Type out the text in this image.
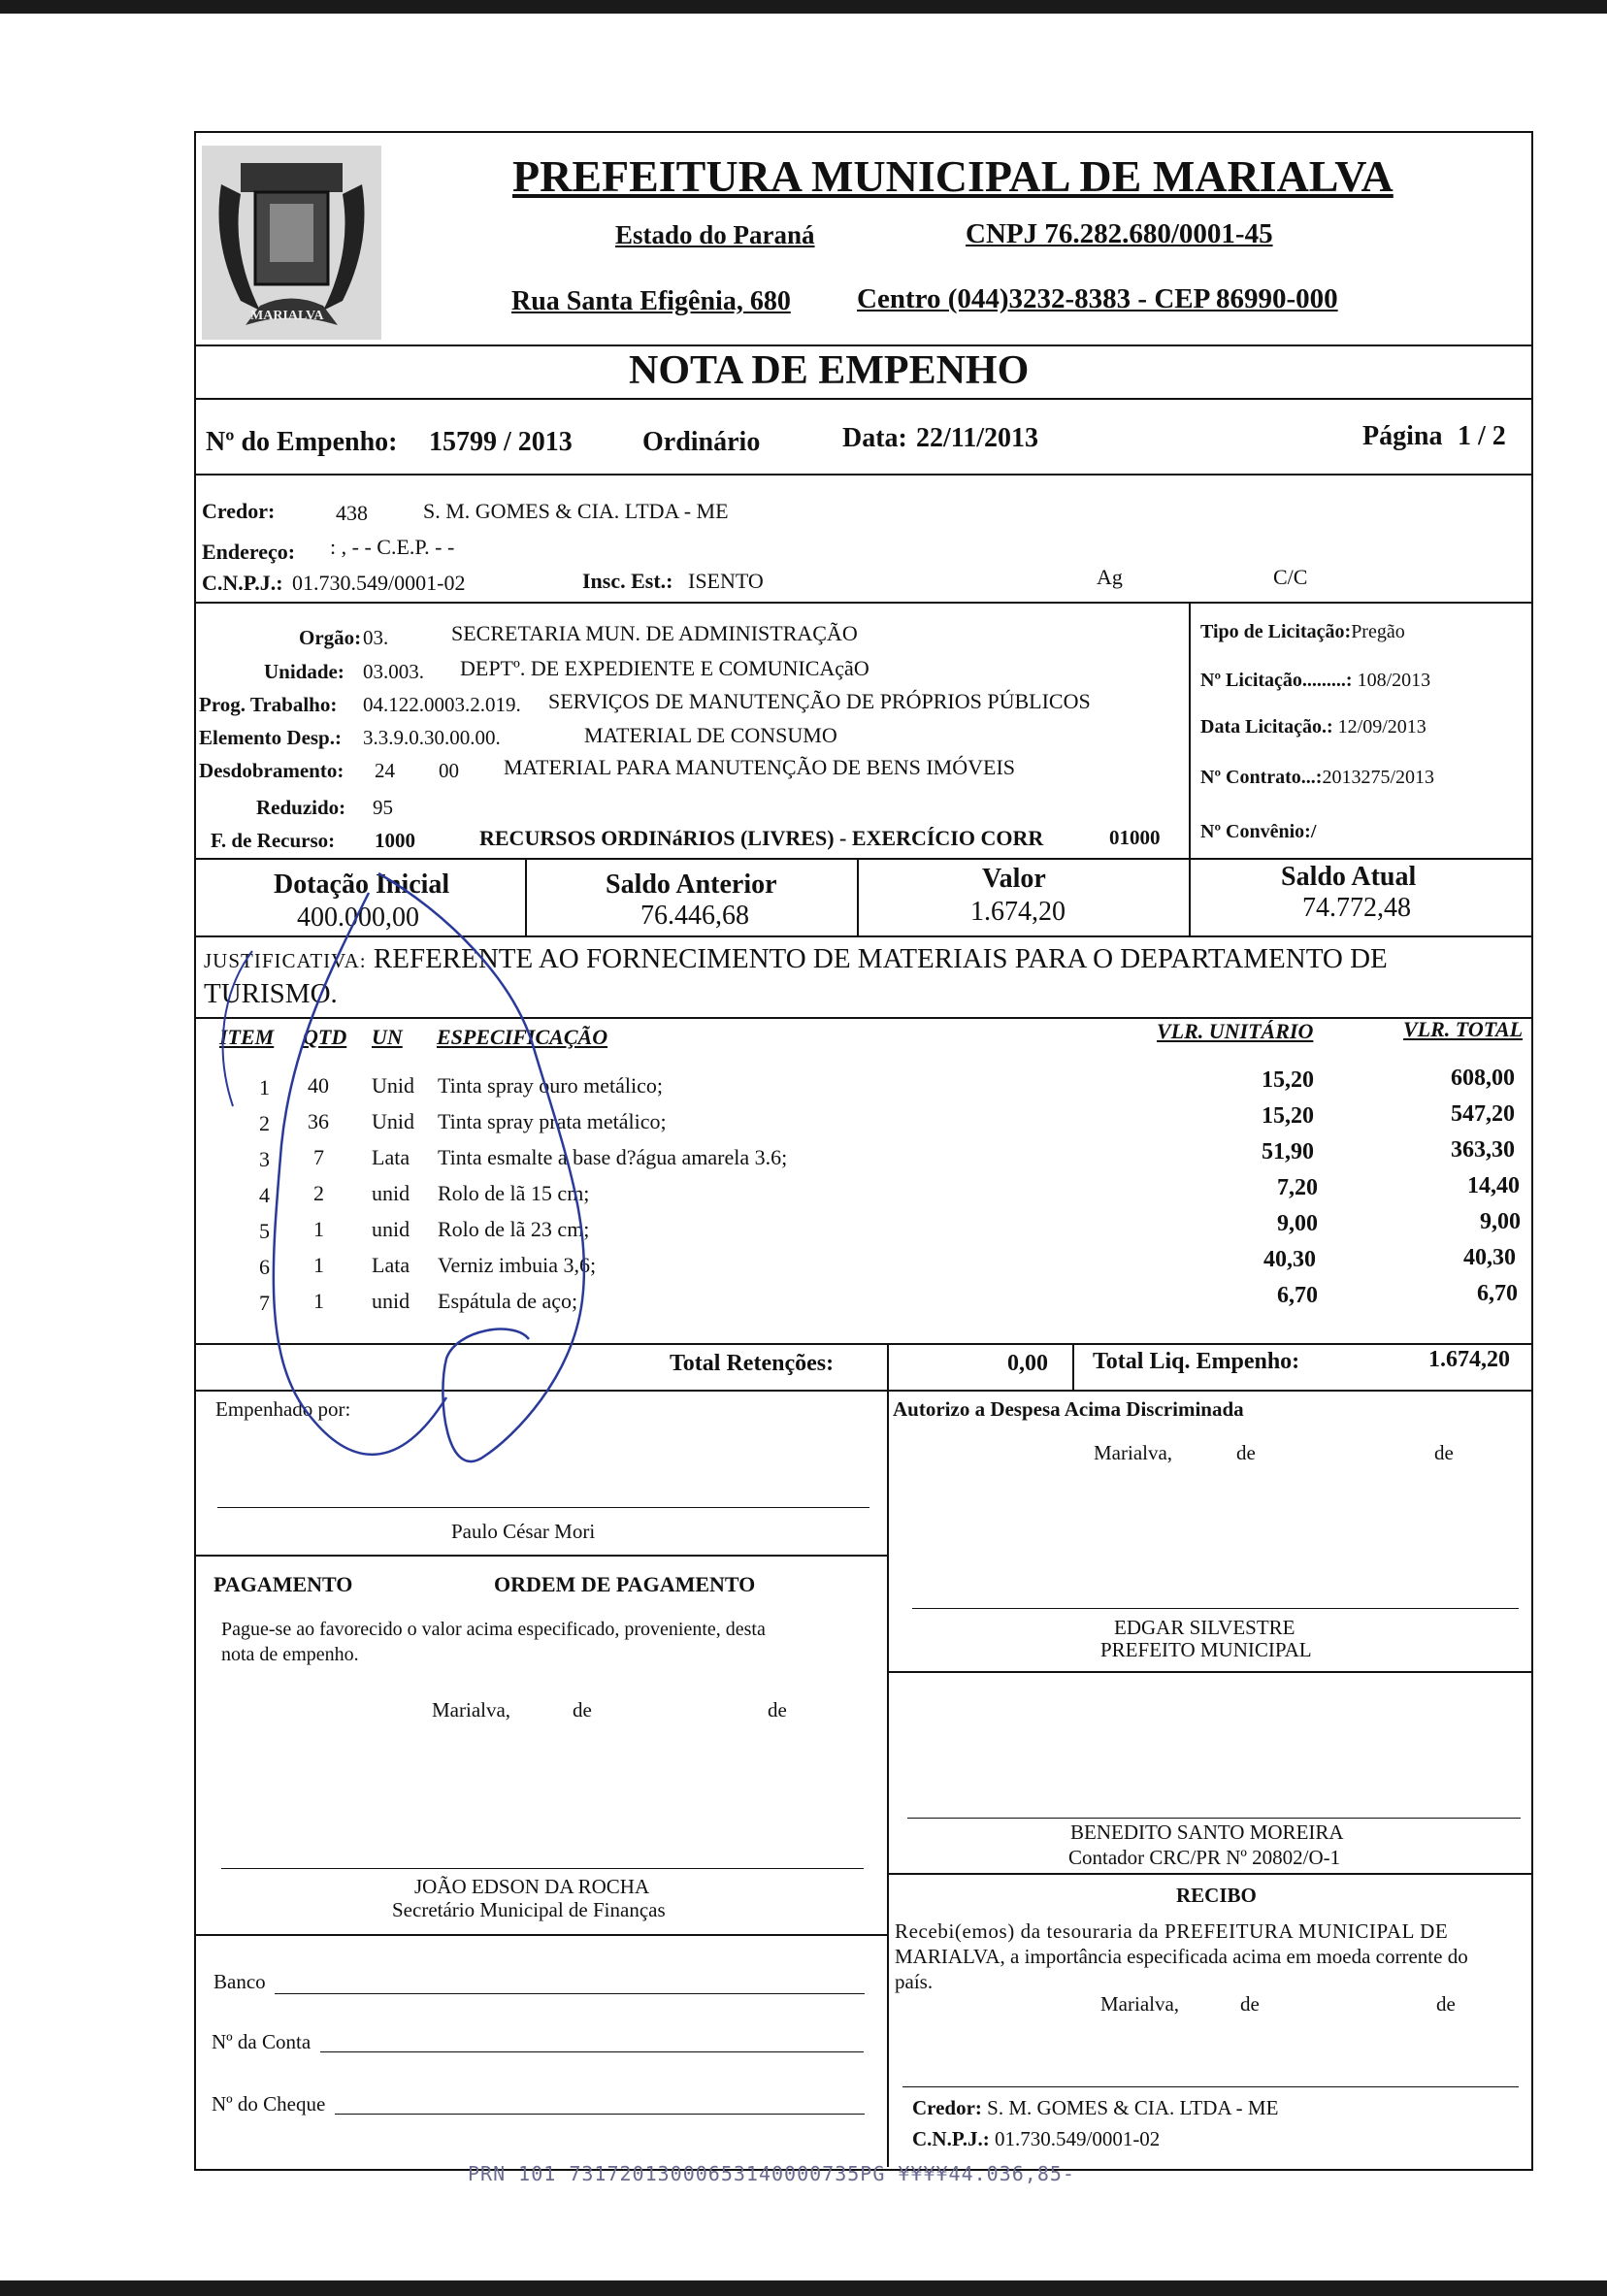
MARIALVA
PREFEITURA MUNICIPAL DE MARIALVA
Estado do Paraná	CNPJ 76.282.680/0001-45
Rua Santa Efigênia, 680 Centro (044)3232-8383 - CEP 86990-000
NOTA DE EMPENHO
Nº do Empenho: 15799 / 2013	Ordinário	Data: 22/11/2013	Página 1 / 2
Credor:	438	S. M. GOMES & CIA. LTDA - ME
Endereço: : , - - C.E.P. - -
C.N.P.J.: 01.730.549/0001-02	Insc. Est.: ISENTO	Ag	C/C
Orgão: 03.	SECRETARIA MUN. DE ADMINISTRAÇÃO
Unidade: 03.003. DEPTº. DE EXPEDIENTE E COMUNICAçãO
Prog. Trabalho: 04.122.0003.2.019. SERVIÇOS DE MANUTENÇÃO DE PRÓPRIOS PÚBLICOS
Elemento Desp.: 3.3.9.0.30.00.00.	MATERIAL DE CONSUMO
Desdobramento: 24 00 MATERIAL PARA MANUTENÇÃO DE BENS IMÓVEIS
Reduzido: 95
F. de Recurso: 1000	RECURSOS ORDINáRIOS (LIVRES) - EXERCÍCIO CORR	01000
Tipo de Licitação:Pregão
Nº Licitação.........: 108/2013
Data Licitação.: 12/09/2013
Nº Contrato...:2013275/2013
Nº Convênio:/
Dotação Inicial
400.000,00
Saldo Anterior
76.446,68
Valor
1.674,20
Saldo Atual
74.772,48
JUSTIFICATIVA: REFERENTE AO FORNECIMENTO DE MATERIAIS PARA O DEPARTAMENTO DE
TURISMO.
ITEM QTD UN ESPECIFICAÇÃO	VLR. UNITÁRIO	VLR. TOTAL
1 40 Unid Tinta spray ouro metálico;	15,20	608,00
2 36 Unid Tinta spray prata metálico;	15,20	547,20
3 7 Lata Tinta esmalte a base d?água amarela 3.6;	51,90	363,30
4 2 unid Rolo de lã 15 cm;	7,20	14,40
5 1 unid Rolo de lã 23 cm;	9,00	9,00
6 1 Lata Verniz imbuia 3,6;	40,30	40,30
7 1 unid Espátula de aço;	6,70	6,70
Total Retenções:	0,00 Total Liq. Empenho:	1.674,20
Empenhado por:
Paulo César Mori
Autorizo a Despesa Acima Discriminada
Marialva,	de	de
PAGAMENTO	ORDEM DE PAGAMENTO
Pague-se ao favorecido o valor acima especificado, proveniente, desta
nota de empenho.
Marialva,	de	de
EDGAR SILVESTRE
PREFEITO MUNICIPAL
BENEDITO SANTO MOREIRA
Contador CRC/PR Nº 20802/O-1
JOÃO EDSON DA ROCHA
Secretário Municipal de Finanças
RECIBO
Recebi(emos) da tesouraria da PREFEITURA MUNICIPAL DE
MARIALVA, a importância especificada acima em moeda corrente do
país.
Marialva,	de	de
Banco
Nº da Conta
Nº do Cheque	Credor: S. M. GOMES & CIA. LTDA - ME
C.N.P.J.: 01.730.549/0001-02
PRN 101 73172013000653140000735PG ¥¥¥¥44.036,85-
